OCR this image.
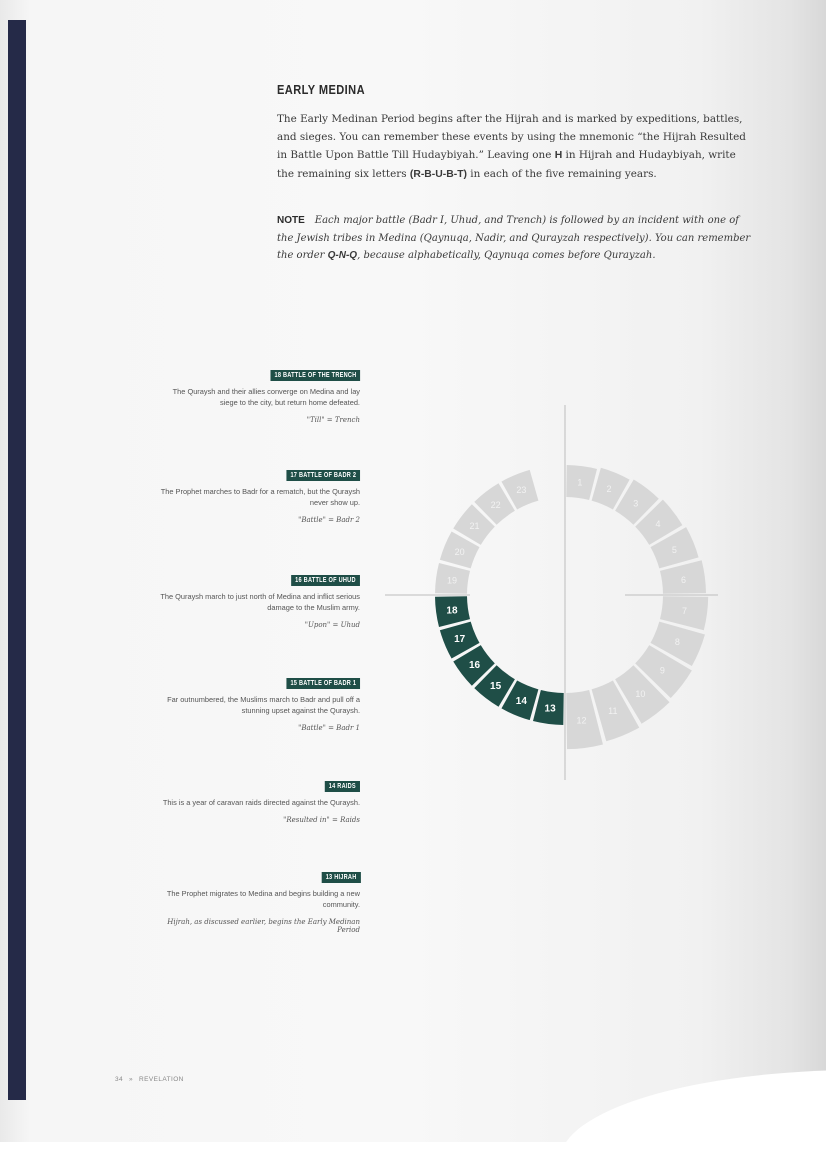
EARLY MEDINA
The Early Medinan Period begins after the Hijrah and is marked by expeditions, battles, and sieges. You can remember these events by using the mnemonic “the Hijrah Resulted in Battle Upon Battle Till Hudaybiyah.” Leaving one H in Hijrah and Hudaybiyah, write the remaining six letters (R-B-U-B-T) in each of the five remaining years.
NOTE Each major battle (Badr I, Uhud, and Trench) is followed by an incident with one of the Jewish tribes in Medina (Qaynuqa, Nadir, and Qurayzah respectively). You can remember the order Q-N-Q, because alphabetically, Qaynuqa comes before Qurayzah.
18 BATTLE OF THE TRENCH
The Quraysh and their allies converge on Medina and lay siege to the city, but return home defeated.
"Till" = Trench
17 BATTLE OF BADR 2
The Prophet marches to Badr for a rematch, but the Quraysh never show up.
"Battle" = Badr 2
16 BATTLE OF UHUD
The Quraysh march to just north of Medina and inflict serious damage to the Muslim army.
"Upon" = Uhud
15 BATTLE OF BADR 1
Far outnumbered, the Muslims march to Badr and pull off a stunning upset against the Quraysh.
"Battle" = Badr 1
14 RAIDS
This is a year of caravan raids directed against the Quraysh.
"Resulted in" = Raids
13 HIJRAH
The Prophet migrates to Medina and begins building a new community.
Hijrah, as discussed earlier, begins the Early Medinan Period
1
2
3
4
5
6
7
8
9
10
11
12
13
14
15
16
17
18
19
20
21
22
23
34 » REVELATION
